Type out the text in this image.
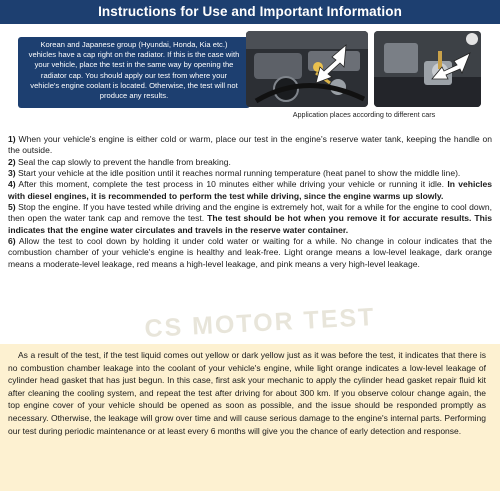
Instructions for Use and Important Information
Korean and Japanese group (Hyundai, Honda, Kia etc.) vehicles have a cap right on the radiator. If this is the case with your vehicle, place the test in the same way by opening the radiator cap. You should apply our test from where your vehicle's engine coolant is located. Otherwise, the test will not produce any results.
Application places according to different cars
CS MOTOR TEST

1) When your vehicle's engine is either cold or warm, place our test in the engine's reserve water tank, keeping the handle on the outside.

2) Seal the cap slowly to prevent the handle from breaking.

3) Start your vehicle at the idle position until it reaches normal running temperature (heat panel to show the middle line).

4) After this moment, complete the test process in 10 minutes either while driving your vehicle or running it idle. In vehicles with diesel engines, it is recommended to perform the test while driving, since the engine warms up slowly.

5) Stop the engine. If you have tested while driving and the engine is extremely hot, wait for a while for the engine to cool down, then open the water tank cap and remove the test. The test should be hot when you remove it for accurate results. This indicates that the engine water circulates and travels in the reserve water container.

6) Allow the test to cool down by holding it under cold water or waiting for a while. No change in colour indicates that the combustion chamber of your vehicle's engine is healthy and leak-free. Light orange means a low-level leakage, dark orange means a moderate-level leakage, red means a high-level leakage, and pink means a very high-level leakage.

As a result of the test, if the test liquid comes out yellow or dark yellow just as it was before the test, it indicates that there is no combustion chamber leakage into the coolant of your vehicle's engine, while light orange indicates a low-level leakage of cylinder head gasket that has just begun. In this case, first ask your mechanic to apply the cylinder head gasket repair fluid kit after cleaning the cooling system, and repeat the test after driving for about 300 km. If you observe colour change again, the top engine cover of your vehicle should be opened as soon as possible, and the issue should be responded promptly as necessary. Otherwise, the leakage will grow over time and will cause serious damage to the engine's internal parts. Performing our test during periodic maintenance or at least every 6 months will give you the chance of early detection and response.
